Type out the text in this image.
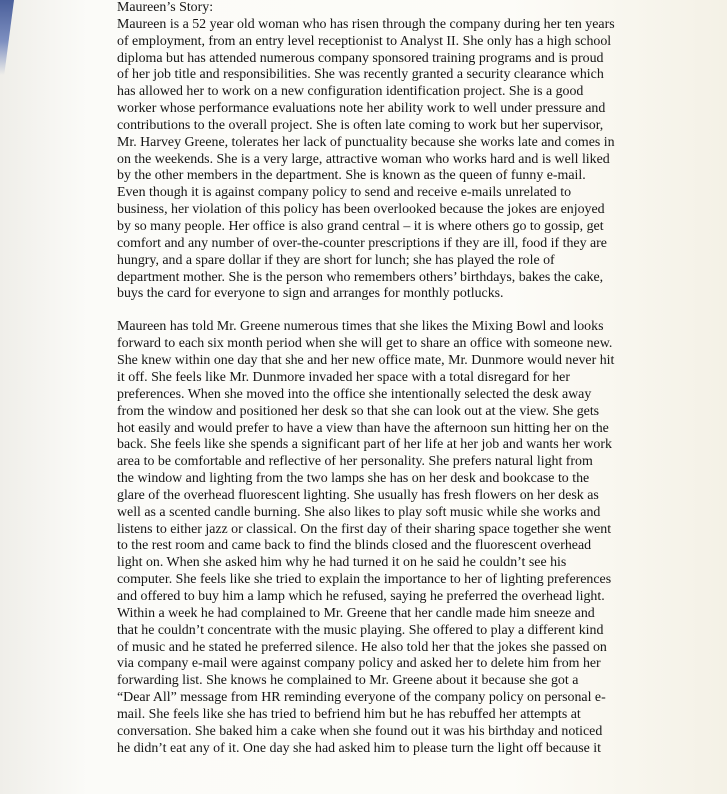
Maureen’s Story:
Maureen is a 52 year old woman who has risen through the company during her ten years
of employment, from an entry level receptionist to Analyst II. She only has a high school
diploma but has attended numerous company sponsored training programs and is proud
of her job title and responsibilities. She was recently granted a security clearance which
has allowed her to work on a new configuration identification project. She is a good
worker whose performance evaluations note her ability work to well under pressure and
contributions to the overall project. She is often late coming to work but her supervisor,
Mr. Harvey Greene, tolerates her lack of punctuality because she works late and comes in
on the weekends. She is a very large, attractive woman who works hard and is well liked
by the other members in the department. She is known as the queen of funny e-mail.
Even though it is against company policy to send and receive e-mails unrelated to
business, her violation of this policy has been overlooked because the jokes are enjoyed
by so many people. Her office is also grand central – it is where others go to gossip, get
comfort and any number of over-the-counter prescriptions if they are ill, food if they are
hungry, and a spare dollar if they are short for lunch; she has played the role of
department mother. She is the person who remembers others’ birthdays, bakes the cake,
buys the card for everyone to sign and arranges for monthly potlucks.
Maureen has told Mr. Greene numerous times that she likes the Mixing Bowl and looks
forward to each six month period when she will get to share an office with someone new.
She knew within one day that she and her new office mate, Mr. Dunmore would never hit
it off. She feels like Mr. Dunmore invaded her space with a total disregard for her
preferences. When she moved into the office she intentionally selected the desk away
from the window and positioned her desk so that she can look out at the view. She gets
hot easily and would prefer to have a view than have the afternoon sun hitting her on the
back. She feels like she spends a significant part of her life at her job and wants her work
area to be comfortable and reflective of her personality. She prefers natural light from
the window and lighting from the two lamps she has on her desk and bookcase to the
glare of the overhead fluorescent lighting. She usually has fresh flowers on her desk as
well as a scented candle burning. She also likes to play soft music while she works and
listens to either jazz or classical. On the first day of their sharing space together she went
to the rest room and came back to find the blinds closed and the fluorescent overhead
light on. When she asked him why he had turned it on he said he couldn’t see his
computer. She feels like she tried to explain the importance to her of lighting preferences
and offered to buy him a lamp which he refused, saying he preferred the overhead light.
Within a week he had complained to Mr. Greene that her candle made him sneeze and
that he couldn’t concentrate with the music playing. She offered to play a different kind
of music and he stated he preferred silence. He also told her that the jokes she passed on
via company e-mail were against company policy and asked her to delete him from her
forwarding list. She knows he complained to Mr. Greene about it because she got a
“Dear All” message from HR reminding everyone of the company policy on personal e-
mail. She feels like she has tried to befriend him but he has rebuffed her attempts at
conversation. She baked him a cake when she found out it was his birthday and noticed
he didn’t eat any of it. One day she had asked him to please turn the light off because it
